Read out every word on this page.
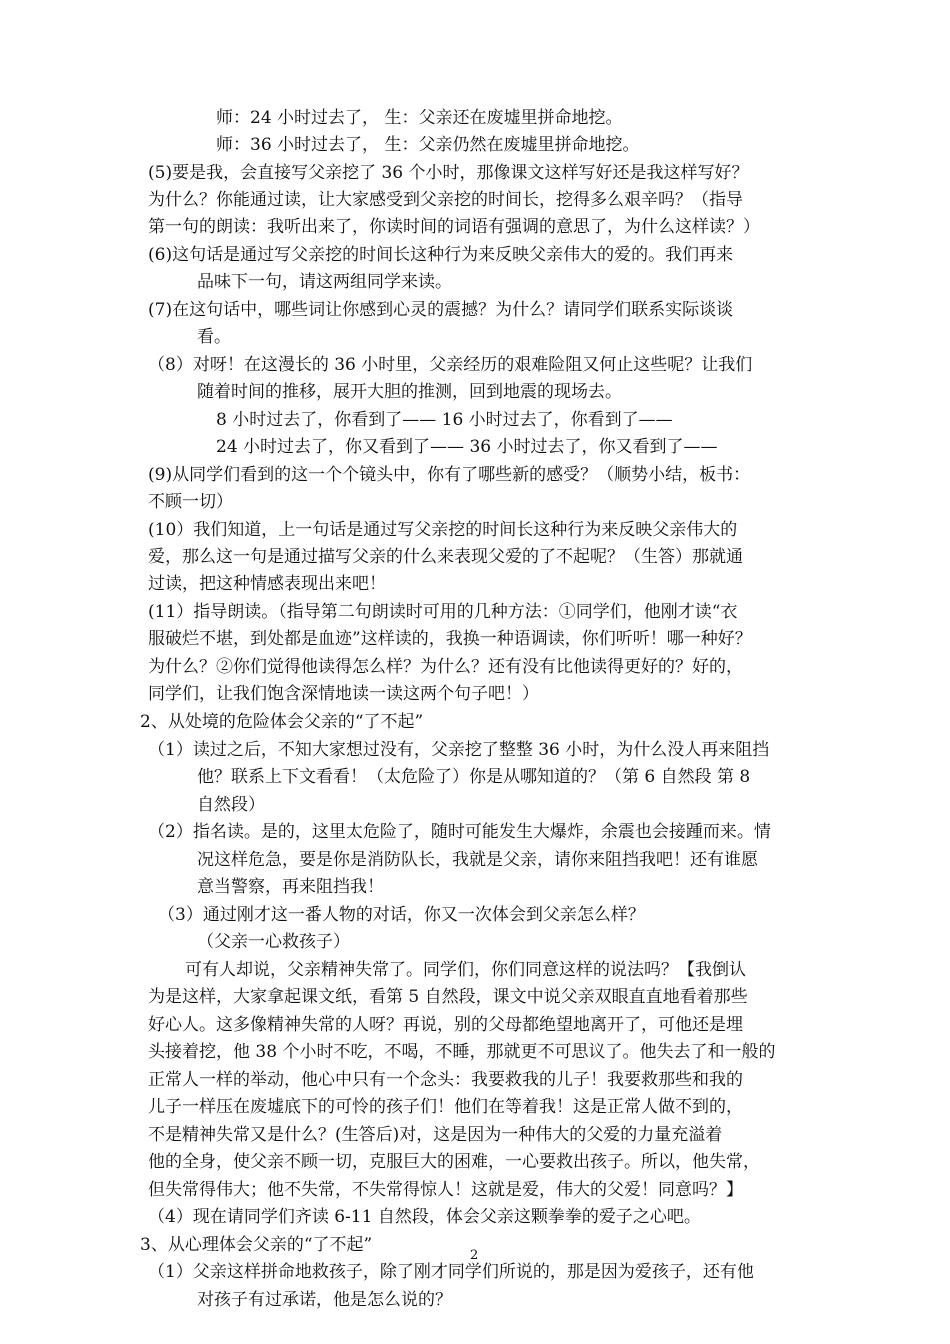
师：24 小时过去了， 生：父亲还在废墟里拼命地挖。
师：36 小时过去了， 生：父亲仍然在废墟里拼命地挖。
(5)要是我，会直接写父亲挖了 36 个小时，那像课文这样写好还是我这样写好？
为什么？你能通过读，让大家感受到父亲挖的时间长，挖得多么艰辛吗？（指导
第一句的朗读：我听出来了，你读时间的词语有强调的意思了，为什么这样读？）
(6)这句话是通过写父亲挖的时间长这种行为来反映父亲伟大的爱的。我们再来
品味下一句，请这两组同学来读。
(7)在这句话中，哪些词让你感到心灵的震撼？为什么？请同学们联系实际谈谈
看。
（8）对呀！在这漫长的 36 小时里，父亲经历的艰难险阻又何止这些呢？让我们
随着时间的推移，展开大胆的推测，回到地震的现场去。
8 小时过去了，你看到了—— 16 小时过去了，你看到了——
24 小时过去了，你又看到了—— 36 小时过去了，你又看到了——
(9)从同学们看到的这一个个镜头中，你有了哪些新的感受？（顺势小结，板书：
不顾一切）
(10）我们知道，上一句话是通过写父亲挖的时间长这种行为来反映父亲伟大的
爱，那么这一句是通过描写父亲的什么来表现父爱的了不起呢？（生答）那就通
过读，把这种情感表现出来吧！
(11）指导朗读。（指导第二句朗读时可用的几种方法：①同学们，他刚才读“衣
服破烂不堪，到处都是血迹”这样读的，我换一种语调读，你们听听！哪一种好？
为什么？②你们觉得他读得怎么样？为什么？还有没有比他读得更好的？好的，
同学们，让我们饱含深情地读一读这两个句子吧！）
2、从处境的危险体会父亲的“了不起”
（1）读过之后，不知大家想过没有，父亲挖了整整 36 小时，为什么没人再来阻挡
他？联系上下文看看！（太危险了）你是从哪知道的？（第 6 自然段 第 8
自然段）
（2）指名读。是的，这里太危险了，随时可能发生大爆炸，余震也会接踵而来。情
况这样危急，要是你是消防队长，我就是父亲，请你来阻挡我吧！还有谁愿
意当警察，再来阻挡我！
（3）通过刚才这一番人物的对话，你又一次体会到父亲怎么样？
（父亲一心救孩子）
可有人却说，父亲精神失常了。同学们，你们同意这样的说法吗？【我倒认
为是这样，大家拿起课文纸，看第 5 自然段，课文中说父亲双眼直直地看着那些
好心人。这多像精神失常的人呀？再说，别的父母都绝望地离开了，可他还是埋
头接着挖，他 38 个小时不吃，不喝，不睡，那就更不可思议了。他失去了和一般的
正常人一样的举动，他心中只有一个念头：我要救我的儿子！我要救那些和我的
儿子一样压在废墟底下的可怜的孩子们！他们在等着我！这是正常人做不到的，
不是精神失常又是什么？(生答后)对，这是因为一种伟大的父爱的力量充溢着
他的全身，使父亲不顾一切，克服巨大的困难，一心要救出孩子。所以，他失常，
但失常得伟大；他不失常，不失常得惊人！这就是爱，伟大的父爱！同意吗？】
（4）现在请同学们齐读 6-11 自然段，体会父亲这颗拳拳的爱子之心吧。
3、从心理体会父亲的“了不起”
（1）父亲这样拼命地救孩子，除了刚才同学们所说的，那是因为爱孩子，还有他
对孩子有过承诺，他是怎么说的？
2
